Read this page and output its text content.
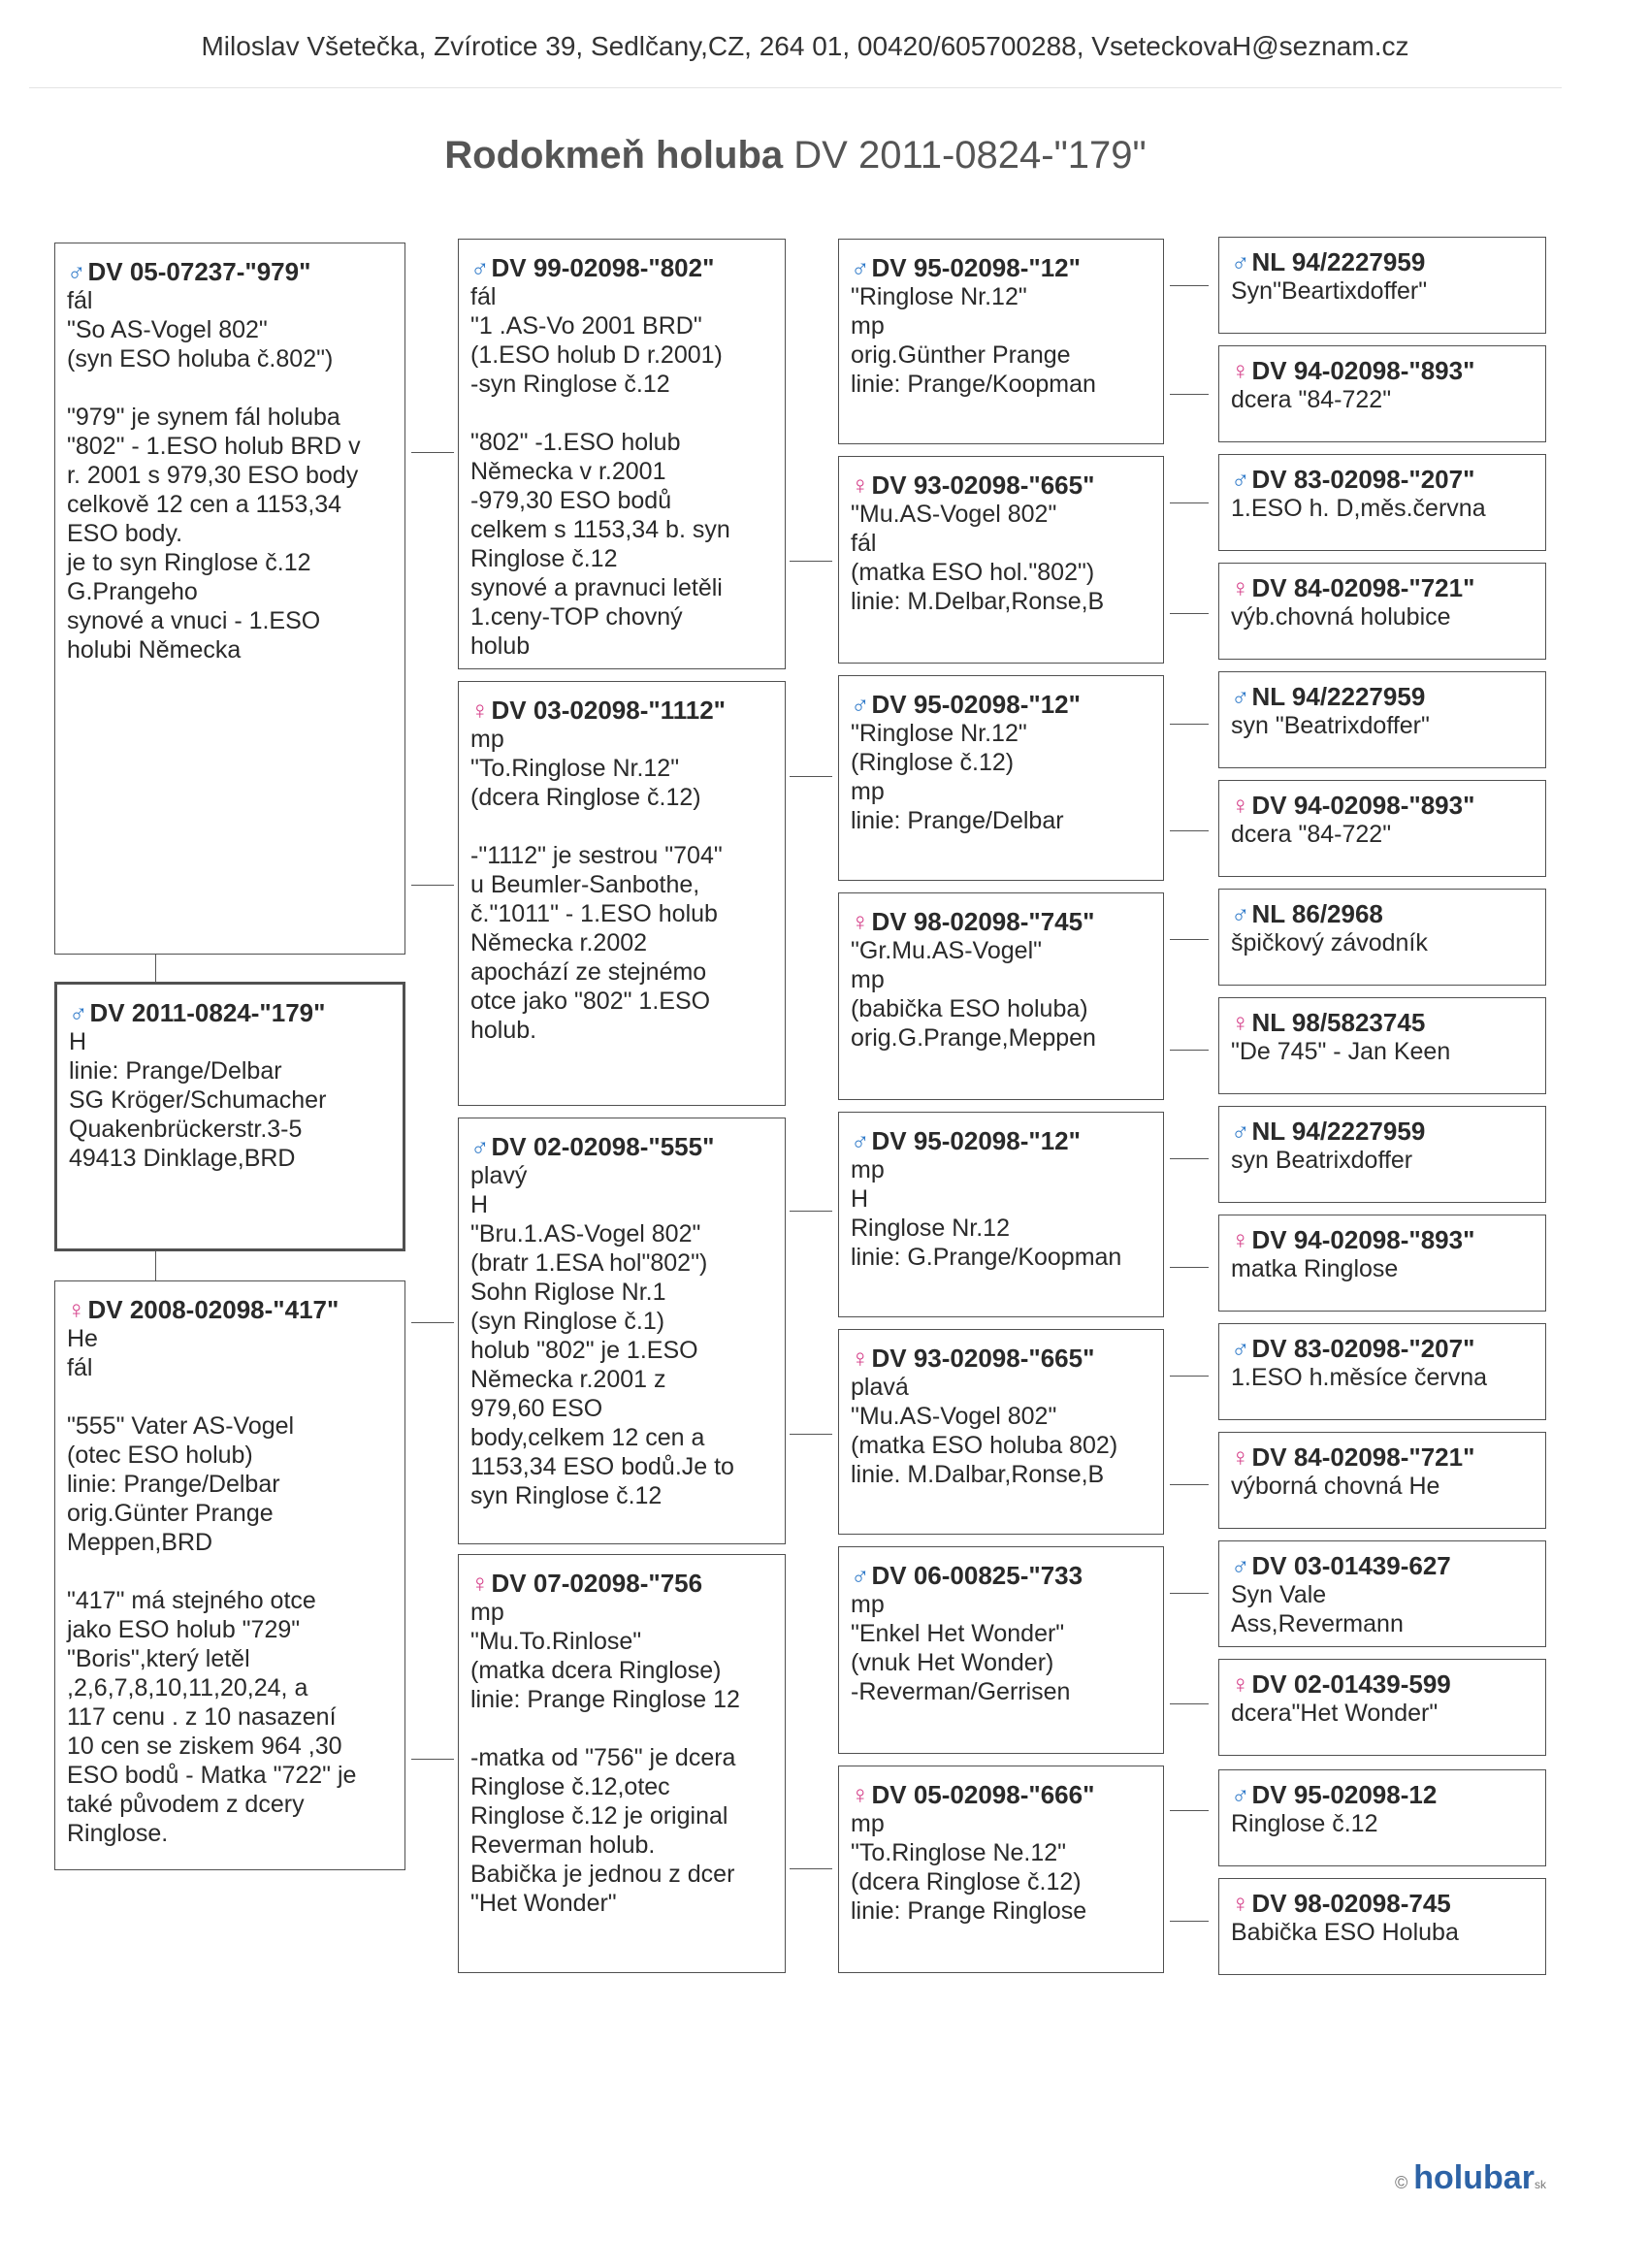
Miloslav Všetečka, Zvírotice 39, Sedlčany,CZ, 264 01, 00420/605700288, VseteckovaH@seznam.cz
Rodokmeň holuba DV 2011-0824-"179"
♂DV 05-07237-"979"
fál
"So AS-Vogel 802"
(syn ESO holuba č.802")

"979" je synem fál holuba
"802" - 1.ESO holub BRD v
r. 2001 s 979,30 ESO body
celkově 12 cen a 1153,34
ESO body.
je to syn Ringlose č.12
G.Prangeho
synové a vnuci - 1.ESO
holubi Německa
♂DV 2011-0824-"179"
H
linie: Prange/Delbar
SG Kröger/Schumacher
Quakenbrückerstr.3-5
49413 Dinklage,BRD
♀DV 2008-02098-"417"
He
fál

"555" Vater AS-Vogel
(otec ESO holub)
linie: Prange/Delbar
orig.Günter Prange
Meppen,BRD

"417" má stejného otce
jako ESO holub "729"
"Boris",který letěl
,2,6,7,8,10,11,20,24, a
117 cenu . z 10 nasazení
10 cen se ziskem 964 ,30
ESO bodů - Matka "722" je
také původem z dcery
Ringlose.
♂DV 99-02098-"802"
fál
"1 .AS-Vo 2001 BRD"
(1.ESO holub D r.2001)
-syn Ringlose č.12

"802" -1.ESO holub
Německa v r.2001
-979,30 ESO bodů
celkem s 1153,34 b. syn
Ringlose č.12
synové a pravnuci letěli
1.ceny-TOP chovný
holub
♀DV 03-02098-"1112"
mp
"To.Ringlose Nr.12"
(dcera Ringlose č.12)

-"1112" je sestrou "704"
u Beumler-Sanbothe,
č."1011" - 1.ESO holub
Německa r.2002
apochází ze stejnémo
otce jako "802" 1.ESO
holub.
♂DV 02-02098-"555"
plavý
H
"Bru.1.AS-Vogel 802"
(bratr 1.ESA hol"802")
Sohn Riglose Nr.1
(syn Ringlose č.1)
holub "802" je 1.ESO
Německa r.2001 z
979,60 ESO
body,celkem 12 cen a
1153,34 ESO bodů.Je to
syn Ringlose č.12
♀DV 07-02098-"756
mp
"Mu.To.Rinlose"
(matka dcera Ringlose)
linie: Prange Ringlose 12

-matka od "756" je dcera
Ringlose č.12,otec
Ringlose č.12 je original
Reverman holub.
Babička je jednou z dcer
"Het Wonder"
♂DV 95-02098-"12"
"Ringlose Nr.12"
mp
orig.Günther Prange
linie: Prange/Koopman
♀DV 93-02098-"665"
"Mu.AS-Vogel 802"
fál
(matka ESO hol."802")
linie: M.Delbar,Ronse,B
♂DV 95-02098-"12"
"Ringlose Nr.12"
(Ringlose č.12)
mp
linie: Prange/Delbar
♀DV 98-02098-"745"
"Gr.Mu.AS-Vogel"
mp
(babička ESO holuba)
orig.G.Prange,Meppen
♂DV 95-02098-"12"
mp
H
Ringlose Nr.12
linie: G.Prange/Koopman
♀DV 93-02098-"665"
plavá
"Mu.AS-Vogel 802"
(matka ESO holuba 802)
linie. M.Dalbar,Ronse,B
♂DV 06-00825-"733
mp
"Enkel Het Wonder"
(vnuk Het Wonder)
-Reverman/Gerrisen
♀DV 05-02098-"666"
mp
"To.Ringlose Ne.12"
(dcera Ringlose č.12)
linie: Prange Ringlose
♂NL 94/2227959
Syn"Beartixdoffer"
♀DV 94-02098-"893"
dcera "84-722"
♂DV 83-02098-"207"
1.ESO h. D,měs.června
♀DV 84-02098-"721"
výb.chovná holubice
♂NL 94/2227959
syn "Beatrixdoffer"
♀DV 94-02098-"893"
dcera "84-722"
♂NL 86/2968
špičkový závodník
♀NL 98/5823745
"De 745" - Jan Keen
♂NL 94/2227959
syn Beatrixdoffer
♀DV 94-02098-"893"
matka Ringlose
♂DV 83-02098-"207"
1.ESO h.měsíce června
♀DV 84-02098-"721"
výborná chovná He
♂DV 03-01439-627
Syn Vale
Ass,Revermann
♀DV 02-01439-599
dcera"Het Wonder"
♂DV 95-02098-12
Ringlose č.12
♀DV 98-02098-745
Babička ESO Holuba
© holubarsk
